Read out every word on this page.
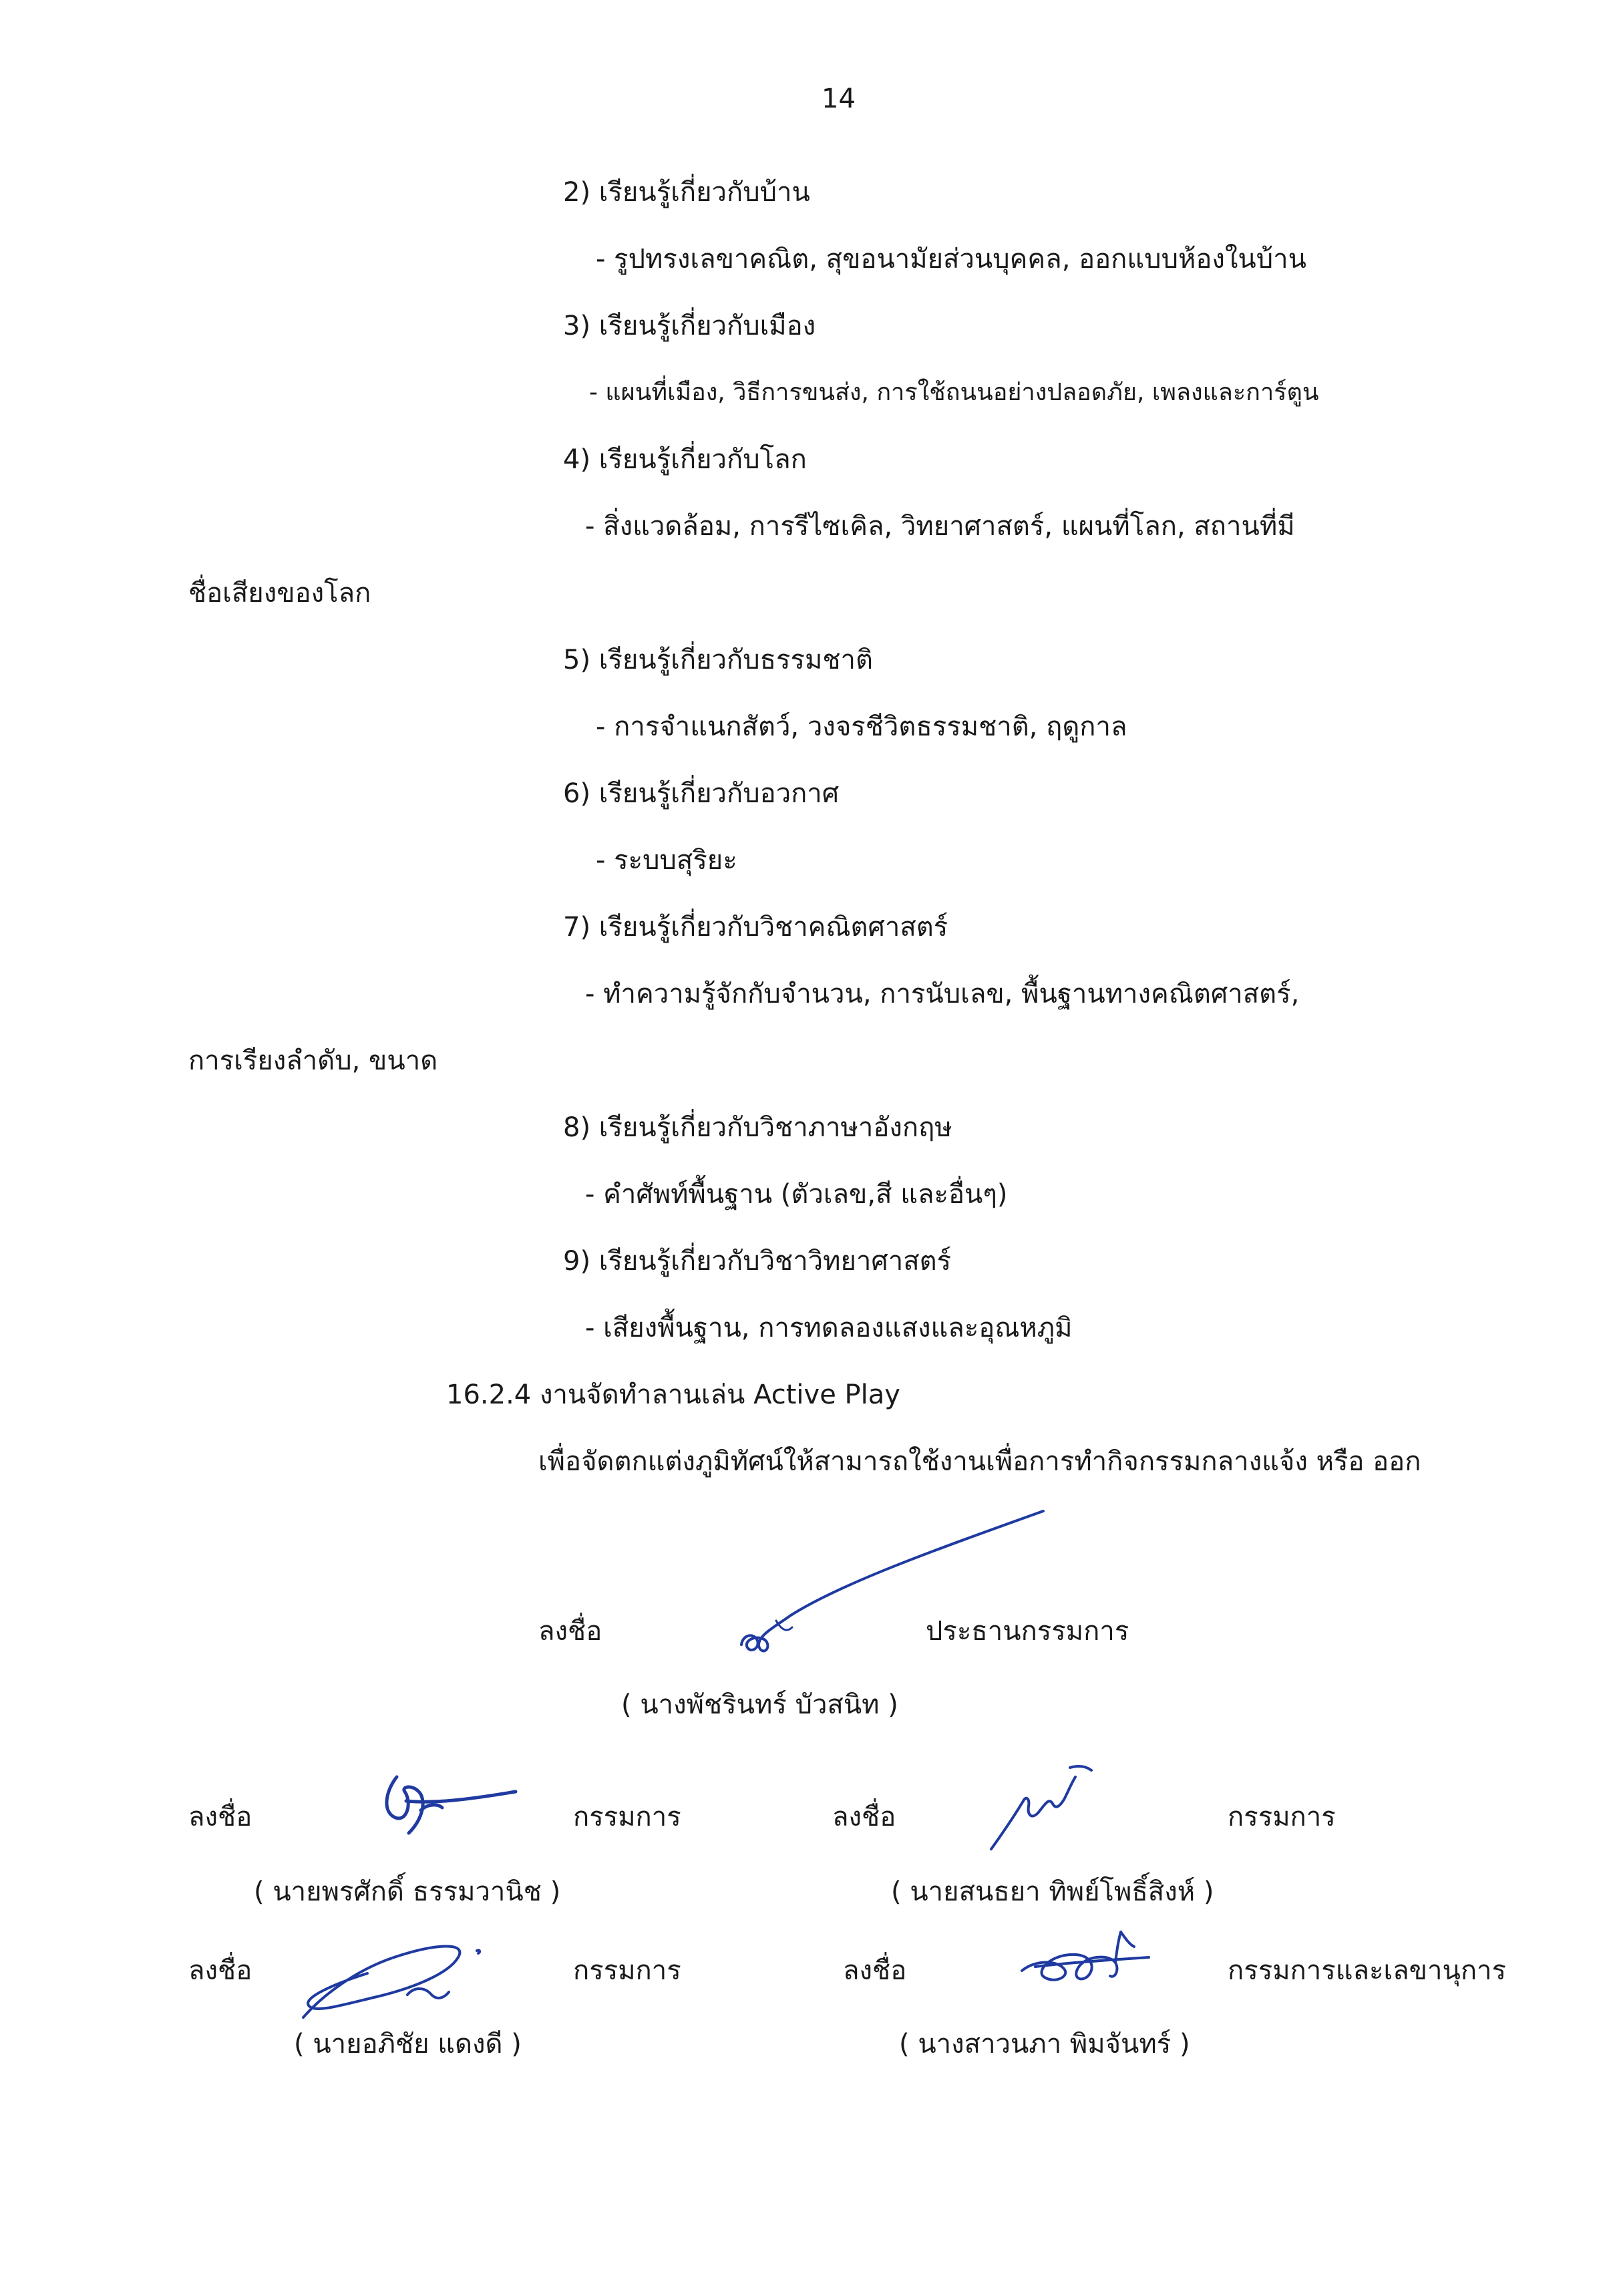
14
2) เรียนรู้เกี่ยวกับบ้าน
- รูปทรงเลขาคณิต, สุขอนามัยส่วนบุคคล, ออกแบบห้องในบ้าน
3) เรียนรู้เกี่ยวกับเมือง
- แผนที่เมือง, วิธีการขนส่ง, การใช้ถนนอย่างปลอดภัย, เพลงและการ์ตูน
4) เรียนรู้เกี่ยวกับโลก
- สิ่งแวดล้อม, การรีไซเคิล, วิทยาศาสตร์, แผนที่โลก, สถานที่มี
ชื่อเสียงของโลก
5) เรียนรู้เกี่ยวกับธรรมชาติ
- การจำแนกสัตว์, วงจรชีวิตธรรมชาติ, ฤดูกาล
6) เรียนรู้เกี่ยวกับอวกาศ
- ระบบสุริยะ
7) เรียนรู้เกี่ยวกับวิชาคณิตศาสตร์
- ทำความรู้จักกับจำนวน, การนับเลข, พื้นฐานทางคณิตศาสตร์,
การเรียงลำดับ, ขนาด
8) เรียนรู้เกี่ยวกับวิชาภาษาอังกฤษ
- คำศัพท์พื้นฐาน (ตัวเลข,สี และอื่นๆ)
9) เรียนรู้เกี่ยวกับวิชาวิทยาศาสตร์
- เสียงพื้นฐาน, การทดลองแสงและอุณหภูมิ
16.2.4 งานจัดทำลานเล่น Active Play
เพื่อจัดตกแต่งภูมิทัศน์ให้สามารถใช้งานเพื่อการทำกิจกรรมกลางแจ้ง หรือ ออก
ลงชื่อ	ประธานกรรมการ
( นางพัชรินทร์ บัวสนิท )
ลงชื่อ	กรรมการ
( นายพรศักดิ์ ธรรมวานิช )
ลงชื่อ	กรรมการ
( นายสนธยา ทิพย์โพธิ์สิงห์ )
ลงชื่อ	กรรมการ
( นายอภิชัย แดงดี )
ลงชื่อ	กรรมการและเลขานุการ
( นางสาวนภา พิมจันทร์ )
